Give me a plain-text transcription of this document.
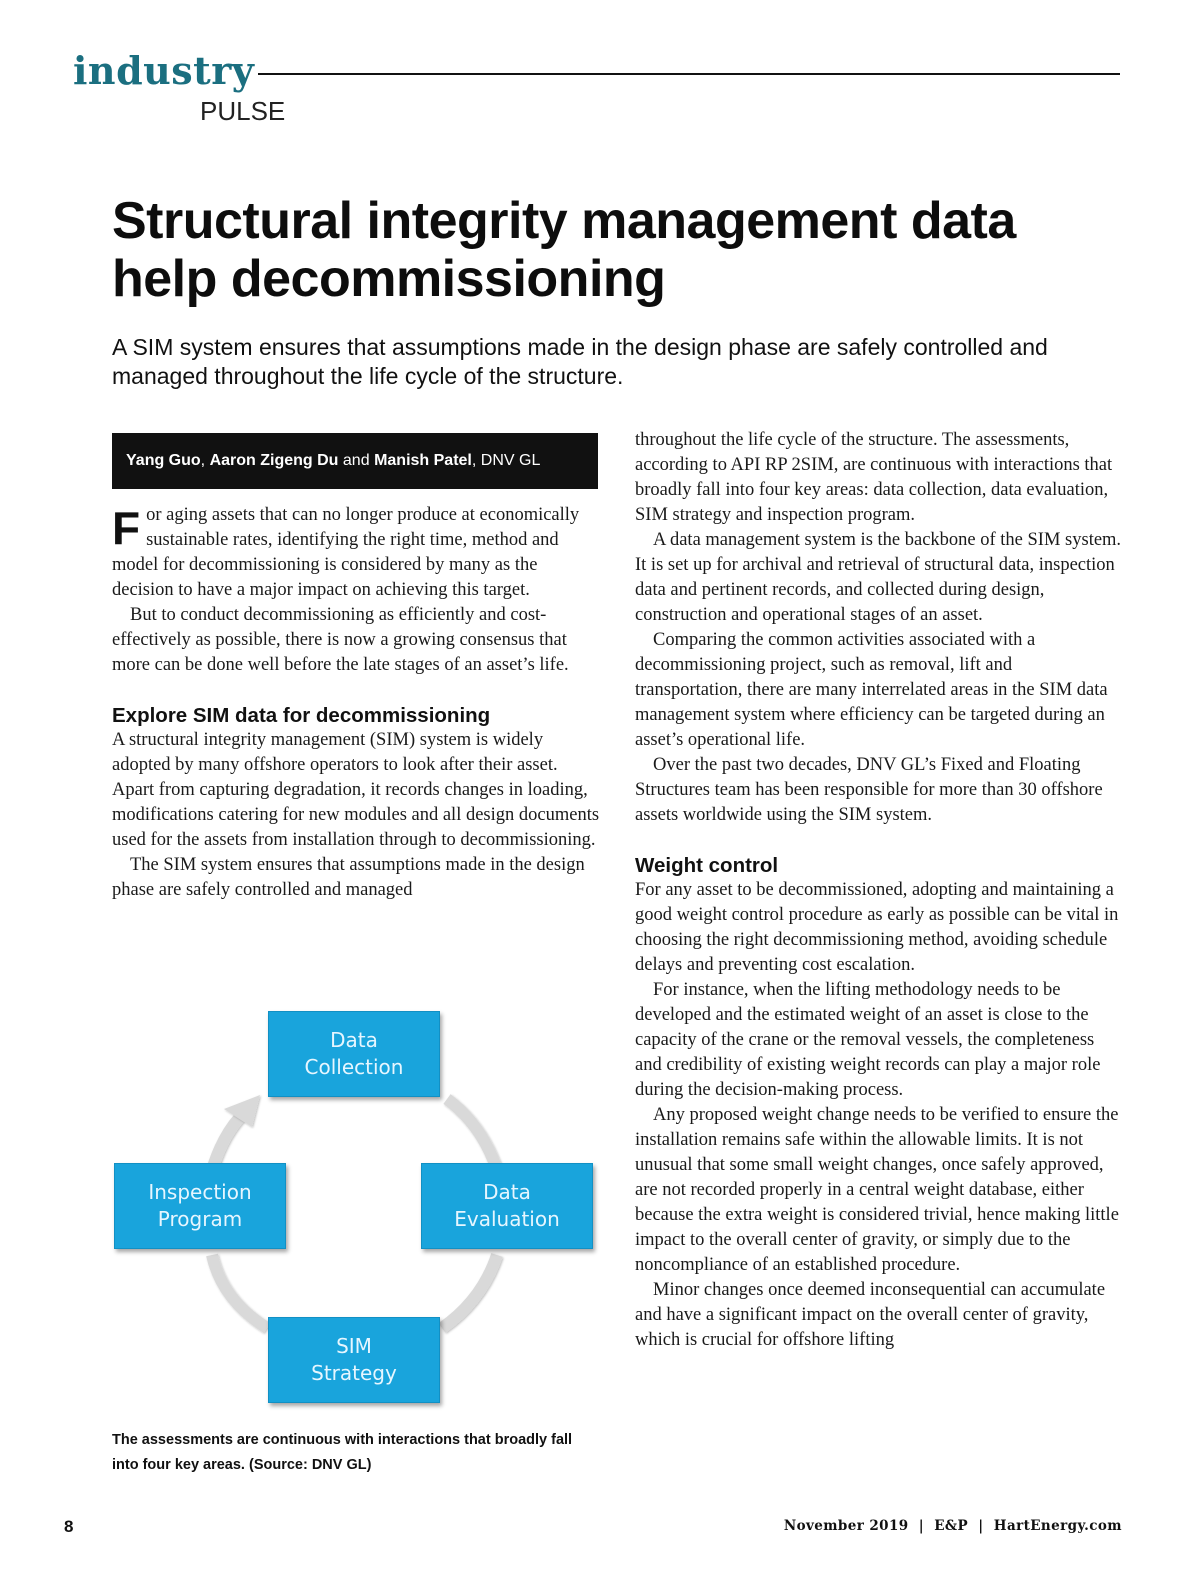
industry
PULSE
Structural integrity management data help decommissioning

A SIM system ensures that assumptions made in the design phase are safely controlled and managed throughout the life cycle of the structure.

Yang Guo , Aaron Zigeng Du
and
Manish Patel , DNV GL

For aging assets that can no longer produce at economically sustainable rates, identifying the right time, method and model for decommissioning is considered by many as the decision to have a major impact on achieving this target.

But to conduct decommissioning as efficiently and cost-effectively as possible, there is now a growing consensus that more can be done well before the late stages of an asset’s life.

Explore SIM data for decommissioning

A structural integrity management (SIM) system is widely adopted by many offshore operators to look after their asset. Apart from capturing degradation, it records changes in loading, modifications catering for new modules and all design documents used for the assets from installation through to decommissioning.

The SIM system ensures that assumptions made in the design phase are safely controlled and managed

Data
Collection
Data
Evaluation
SIM
Strategy
Inspection
Program

The assessments are continuous with interactions that broadly fall into four key areas. (Source: DNV GL)

throughout the life cycle of the structure. The assessments, according to API RP 2SIM, are continuous with interactions that broadly fall into four key areas: data collection, data evaluation, SIM strategy and inspection program.

A data management system is the backbone of the SIM system. It is set up for archival and retrieval of structural data, inspection data and pertinent records, and collected during design, construction and operational stages of an asset.

Comparing the common activities associated with a decommissioning project, such as removal, lift and transportation, there are many interrelated areas in the SIM data management system where efficiency can be targeted during an asset’s operational life.

Over the past two decades, DNV GL’s Fixed and Floating Structures team has been responsible for more than 30 offshore assets worldwide using the SIM system.

Weight control

For any asset to be decommissioned, adopting and maintaining a good weight control procedure as early as possible can be vital in choosing the right decommissioning method, avoiding schedule delays and preventing cost escalation.

For instance, when the lifting methodology needs to be developed and the estimated weight of an asset is close to the capacity of the crane or the removal vessels, the completeness and credibility of existing weight records can play a major role during the decision-making process.

Any proposed weight change needs to be verified to ensure the installation remains safe within the allowable limits. It is not unusual that some small weight changes, once safely approved, are not recorded properly in a central weight database, either because the extra weight is considered trivial, hence making little impact to the overall center of gravity, or simply due to the noncompliance of an established procedure.

Minor changes once deemed inconsequential can accumulate and have a significant impact on the overall center of gravity, which is crucial for offshore lifting

8	November 2019  |  E&P  |  HartEnergy.com
